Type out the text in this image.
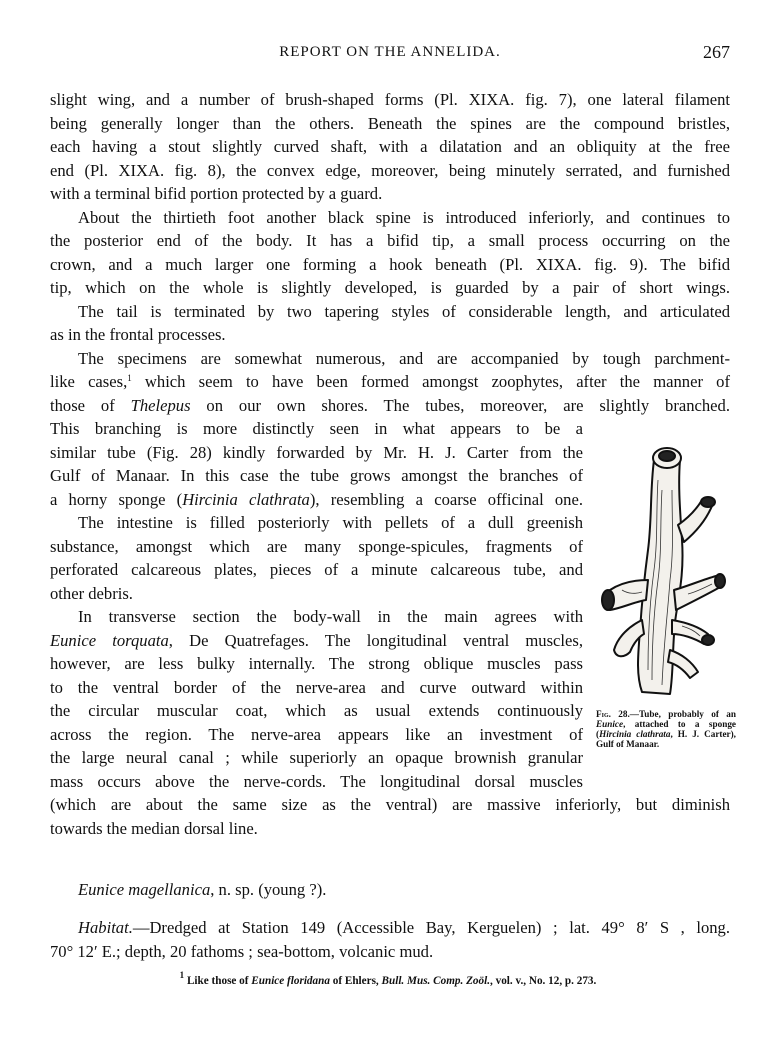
REPORT ON THE ANNELIDA.	267
slight wing, and a number of brush-shaped forms (Pl. XIXA. fig. 7), one lateral filament
being generally longer than the others. Beneath the spines are the compound bristles,
each having a stout slightly curved shaft, with a dilatation and an obliquity at the free
end (Pl. XIXA. fig. 8), the convex edge, moreover, being minutely serrated, and furnished
with a terminal bifid portion protected by a guard.
About the thirtieth foot another black spine is introduced inferiorly, and continues to
the posterior end of the body. It has a bifid tip, a small process occurring on the
crown, and a much larger one forming a hook beneath (Pl. XIXA. fig. 9). The bifid
tip, which on the whole is slightly developed, is guarded by a pair of short wings.
The tail is terminated by two tapering styles of considerable length, and articulated
as in the frontal processes.
The specimens are somewhat numerous, and are accompanied by tough parchment-
like cases,$^1$ which seem to have been formed amongst zoophytes, after the manner of
those of Thelepus on our own shores. The tubes, moreover, are slightly branched.
This branching is more distinctly seen in what appears to be a
similar tube (Fig. 28) kindly forwarded by Mr. H. J. Carter from the
Gulf of Manaar. In this case the tube grows amongst the branches of
a horny sponge (Hircinia clathrata), resembling a coarse officinal one.
The intestine is filled posteriorly with pellets of a dull greenish
substance, amongst which are many sponge-spicules, fragments of
perforated calcareous plates, pieces of a minute calcareous tube, and
other debris.
In transverse section the body-wall in the main agrees with
Eunice torquata, De Quatrefages. The longitudinal ventral muscles,
however, are less bulky internally. The strong oblique muscles pass
to the ventral border of the nerve-area and curve outward within
the circular muscular coat, which as usual extends continuously
across the region. The nerve-area appears like an investment of
the large neural canal ; while superiorly an opaque brownish granular
mass occurs above the nerve-cords. The longitudinal dorsal muscles
(which are about the same size as the ventral) are massive inferiorly, but diminish
towards the median dorsal line.
Fig. 28.—Tube, probably of an Eunice, attached to a sponge (Hircinia clathrata, H. J. Carter), Gulf of Manaar.
Eunice magellanica, n. sp. (young ?).
Habitat.—Dredged at Station 149 (Accessible Bay, Kerguelen) ; lat. 49° 8′ S , long.
70° 12′ E.; depth, 20 fathoms ; sea-bottom, volcanic mud.
$^1$ Like those of Eunice floridana of Ehlers, Bull. Mus. Comp. Zoöl., vol. v., No. 12, p. 273.
